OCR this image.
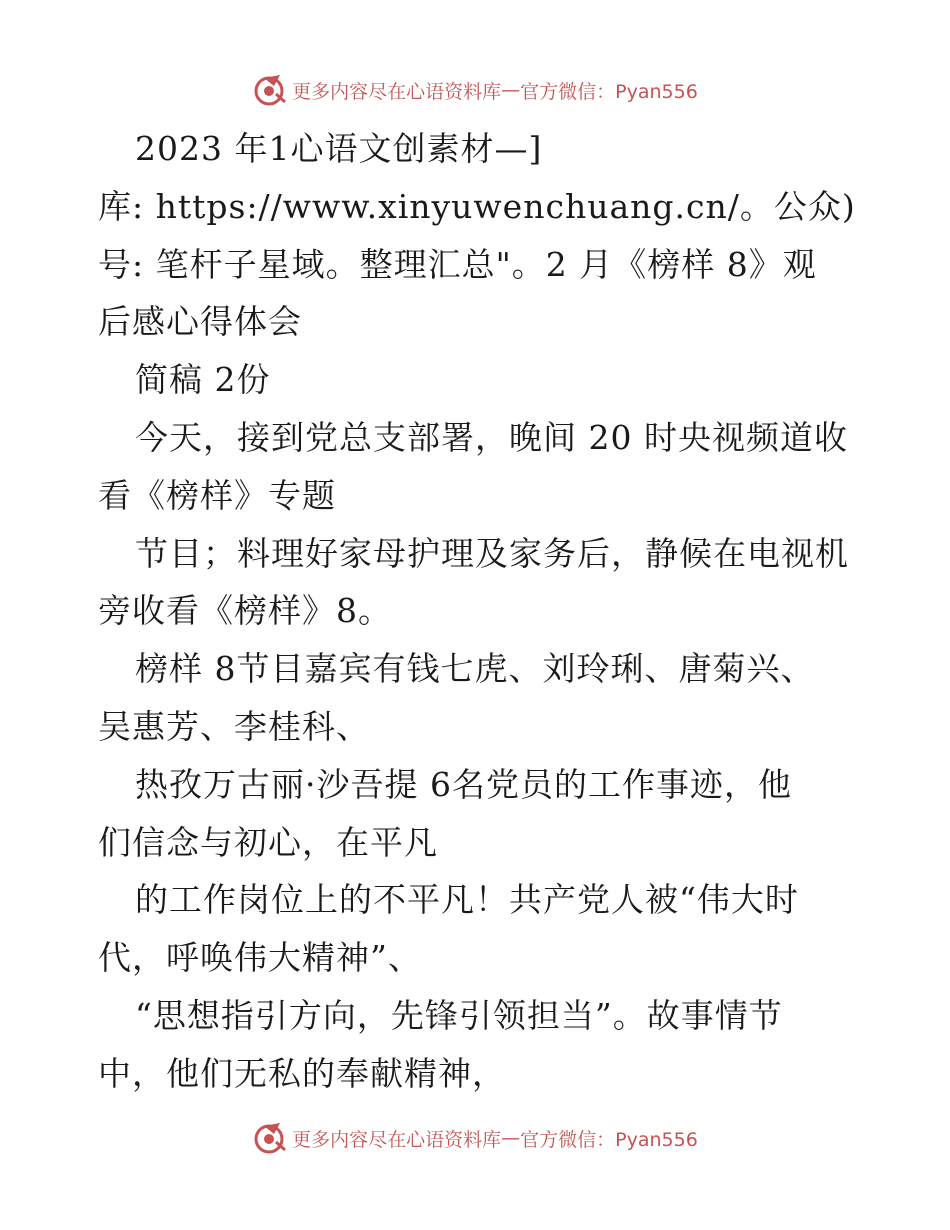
更多内容尽在心语资料库 — 官方微信：Pyan556

2023 年1心语文创素材—]

库: https://www.xinyuwenchuang.cn/。公众)

号: 笔杆子星域。整理汇总"。2 月《榜样 8》观

后感心得体会

简稿 2份

今天，接到党总支部署，晚间 20 时央视频道收

看《榜样》专题

节目；料理好家母护理及家务后，静候在电视机

旁收看《榜样》8。

榜样 8节目嘉宾有钱七虎、刘玲琍、唐菊兴、

吴惠芳、李桂科、

热孜万古丽·沙吾提 6名党员的工作事迹，他

们信念与初心，在平凡

的工作岗位上的不平凡！共产党人被“伟大时

代，呼唤伟大精神”、

“思想指引方向，先锋引领担当”。故事情节

中，他们无私的奉献精神，

更多内容尽在心语资料库 — 官方微信：Pyan556
